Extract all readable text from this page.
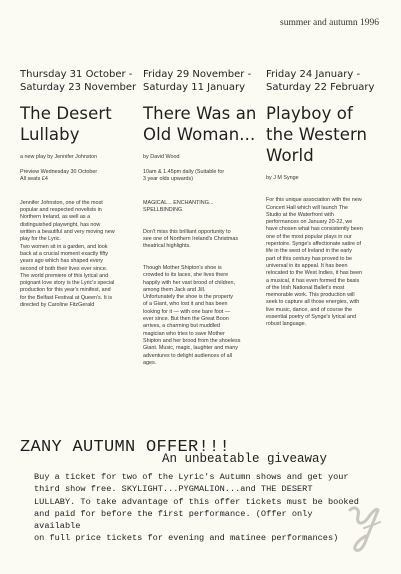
summer and autumn 1996
Thursday 31 October -
Saturday 23 November
The Desert
Lullaby
a new play by Jennifer Johnston
Preview Wednesday 30 October
All seats £4

Jennifer Johnston, one of the most
popular and respected novelists in
Northern Ireland, as well as a
distinguished playwright, has now
written a beautiful and very moving new
play for the Lyric.
Two women sit in a garden, and look
back at a crucial moment exactly fifty
years ago which has shaped every
second of both their lives ever since.
The world premiere of this lyrical and
poignant love story is the Lyric's special
production for this year's minifest, and
for the Belfast Festival at Queen's. It is
directed by Caroline FitzGerald

Friday 29 November -
Saturday 11 January
There Was an
Old Woman...
by David Wood
10am & 1.45pm daily (Suitable for
3 year olds upwards)

MAGICAL... ENCHANTING...
SPELLBINDING

Don't miss this brilliant opportunity to
see one of Northern Ireland's Christmas
theatrical highlights.

Though Mother Shipton's shoe is
crowded to its laces, she lives there
happily with her vast brood of children,
among them Jack and Jill.
Unfortunately the shoe is the property
of a Giant, who lost it and has been
looking for it — with one bare foot —
ever since. But then the Great Boon
arrives, a charming but muddled
magician who tries to save Mother
Shipton and her brood from the shoeless
Giant. Music, magic, laughter and many
adventures to delight audiences of all
ages.

Friday 24 January -
Saturday 22 February
Playboy of
the Western
World
by J M Synge

For this unique association with the new
Concert Hall which will launch The
Studio at the Waterfront with
performances on January 20-22, we
have chosen what has consistently been
one of the most popular plays in our
repertoire. Synge's affectionate satire of
life in the west of Ireland in the early
part of this century has proved to be
universal in its appeal. It has been
relocated to the West Indies, it has been
a musical, it has even formed the basis
of the Irish National Ballet's most
memorable work. This production will
seek to capture all those energies, with
live music, dance, and of course the
essential poetry of Synge's lyrical and
robust language.

ZANY AUTUMN OFFER!!!
An unbeatable giveaway
Buy a ticket for two of the Lyric's Autumn shows and get your
third show free. SKYLIGHT...PYGMALION...and THE DESERT
LULLABY. To take advantage of this offer tickets must be booked
and paid for before the first performance. (Offer only available
on full price tickets for evening and matinee performances)
